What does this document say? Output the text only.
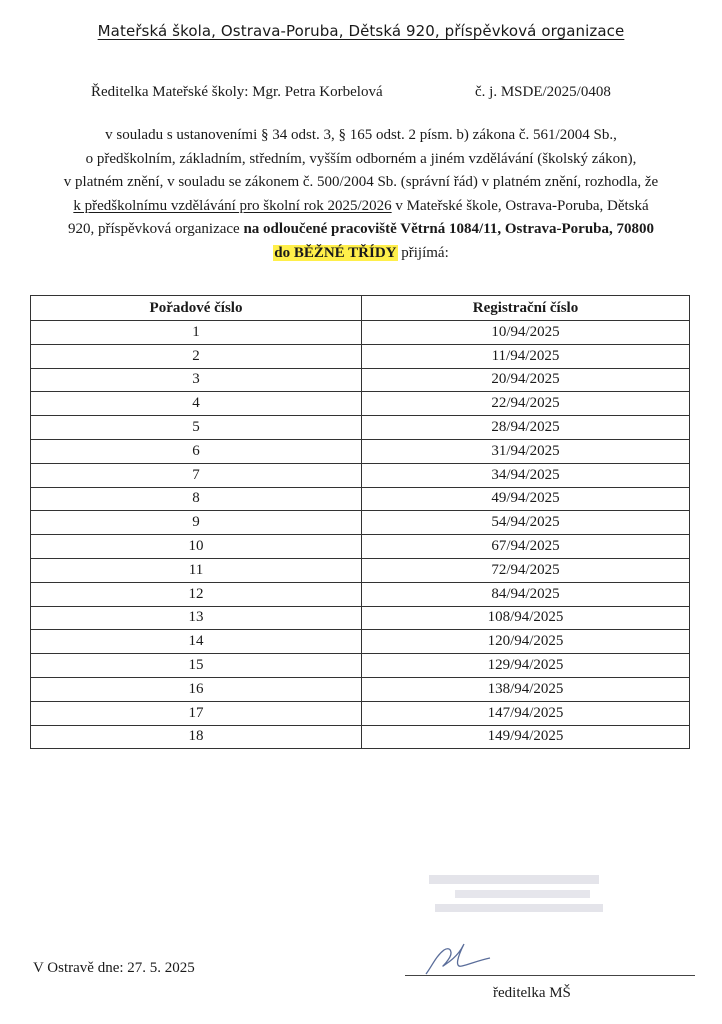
Mateřská škola, Ostrava-Poruba, Dětská 920, příspěvková organizace
Ředitelka Mateřské školy: Mgr. Petra Korbelová	č. j. MSDE/2025/0408
v souladu s ustanoveními § 34 odst. 3, § 165 odst. 2 písm. b) zákona č. 561/2004 Sb.,
o předškolním, základním, středním, vyšším odborném a jiném vzdělávání (školský zákon),
v platném znění, v souladu se zákonem č. 500/2004 Sb. (správní řád) v platném znění, rozhodla, že
k předškolnímu vzdělávání pro školní rok 2025/2026 v Mateřské škole, Ostrava-Poruba, Dětská
920, příspěvková organizace na odloučené pracoviště Větrná 1084/11, Ostrava-Poruba, 70800
do BĚŽNÉ TŘÍDY přijímá:
Pořadové číslo	Registrační číslo
1	10/94/2025
2	11/94/2025
3	20/94/2025
4	22/94/2025
5	28/94/2025
6	31/94/2025
7	34/94/2025
8	49/94/2025
9	54/94/2025
10	67/94/2025
11	72/94/2025
12	84/94/2025
13	108/94/2025
14	120/94/2025
15	129/94/2025
16	138/94/2025
17	147/94/2025
18	149/94/2025
V Ostravě dne: 27. 5. 2025
ředitelka MŠ
